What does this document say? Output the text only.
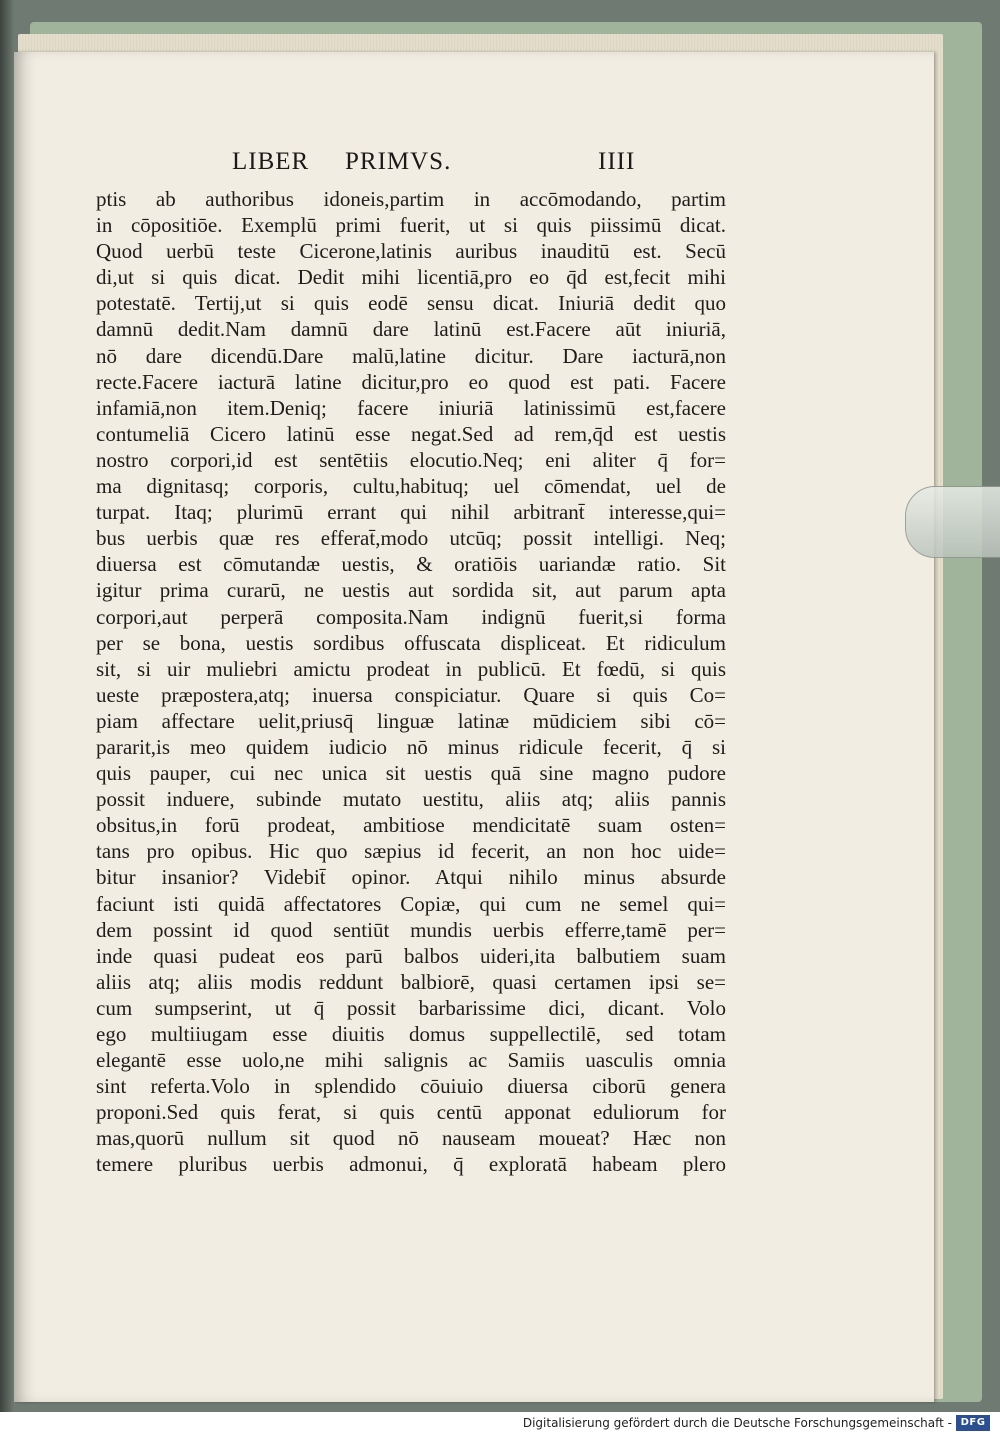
LIBER PRIMVS.	IIII
ptis ab authoribus idoneis,partim in accōmodando, partim
in cōpositiōe. Exemplū primi fuerit, ut si quis piissimū dicat.
Quod uerbū teste Cicerone,latinis auribus inauditū est. Secū
di,ut si quis dicat. Dedit mihi licentiā,pro eo q̄d est,fecit mihi
potestatē. Tertij,ut si quis eodē sensu dicat. Iniuriā dedit quo
damnū dedit.Nam damnū dare latinū est.Facere aūt iniuriā,
nō dare dicendū.Dare malū,latine dicitur. Dare iacturā,non
recte.Facere iacturā latine dicitur,pro eo quod est pati. Facere
infamiā,non item.Deniq; facere iniuriā latinissimū est,facere
contumeliā Cicero latinū esse negat.Sed ad rem,q̄d est uestis
nostro corpori,id est sentētiis elocutio.Neq; eni aliter q̄ for=
ma dignitasq; corporis, cultu,habituq; uel cōmendat, uel de
turpat. Itaq; plurimū errant qui nihil arbitrant̄ interesse,qui=
bus uerbis quæ res efferat̄,modo utcūq; possit intelligi. Neq;
diuersa est cōmutandæ uestis, & oratiōis uariandæ ratio. Sit
igitur prima curarū, ne uestis aut sordida sit, aut parum apta
corpori,aut perperā composita.Nam indignū fuerit,si forma
per se bona, uestis sordibus offuscata displiceat. Et ridiculum
sit, si uir muliebri amictu prodeat in publicū. Et fœdū, si quis
ueste præpostera,atq; inuersa conspiciatur. Quare si quis Co=
piam affectare uelit,priusq̄ linguæ latinæ mūdiciem sibi cō=
pararit,is meo quidem iudicio nō minus ridicule fecerit, q̄ si
quis pauper, cui nec unica sit uestis quā sine magno pudore
possit induere, subinde mutato uestitu, aliis atq; aliis pannis
obsitus,in forū prodeat, ambitiose mendicitatē suam osten=
tans pro opibus. Hic quo sæpius id fecerit, an non hoc uide=
bitur insanior? Videbit̄ opinor. Atqui nihilo minus absurde
faciunt isti quidā affectatores Copiæ, qui cum ne semel qui=
dem possint id quod sentiūt mundis uerbis efferre,tamē per=
inde quasi pudeat eos parū balbos uideri,ita balbutiem suam
aliis atq; aliis modis reddunt balbiorē, quasi certamen ipsi se=
cum sumpserint, ut q̄ possit barbarissime dici, dicant. Volo
ego multiiugam esse diuitis domus suppellectilē, sed totam
elegantē esse uolo,ne mihi salignis ac Samiis uasculis omnia
sint referta.Volo in splendido cōuiuio diuersa ciborū genera
proponi.Sed quis ferat, si quis centū apponat eduliorum for
mas,quorū nullum sit quod nō nauseam moueat? Hæc non
temere pluribus uerbis admonui, q̄ exploratā habeam plero
Digitalisierung gefördert durch die Deutsche Forschungsgemeinschaft - DFG
